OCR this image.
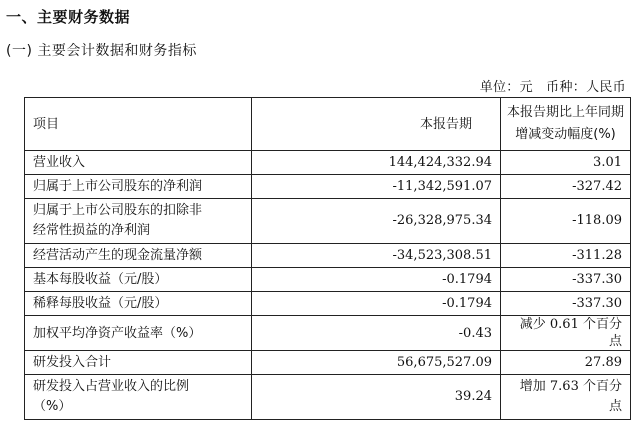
一、主要财务数据
(一) 主要会计数据和财务指标
单位：元   币种：人民币
项目	本报告期	本报告期比上年同期
增减变动幅度(%)

营业收入	144,424,332.94	3.01
归属于上市公司股东的净利润	-11,342,591.07	-327.42

归属于上市公司股东的扣除非
经常性损益的净利润	-26,328,975.34	-118.09
经营活动产生的现金流量净额	-34,523,308.51	-311.28
基本每股收益（元/股）	-0.1794	-337.30
稀释每股收益（元/股）	-0.1794	-337.30
加权平均净资产收益率（%）	-0.43	减少 0.61 个百分点
研发投入合计	56,675,527.09	27.89

研发投入占营业收入的比例
（%）	39.24	增加 7.63 个百分点
